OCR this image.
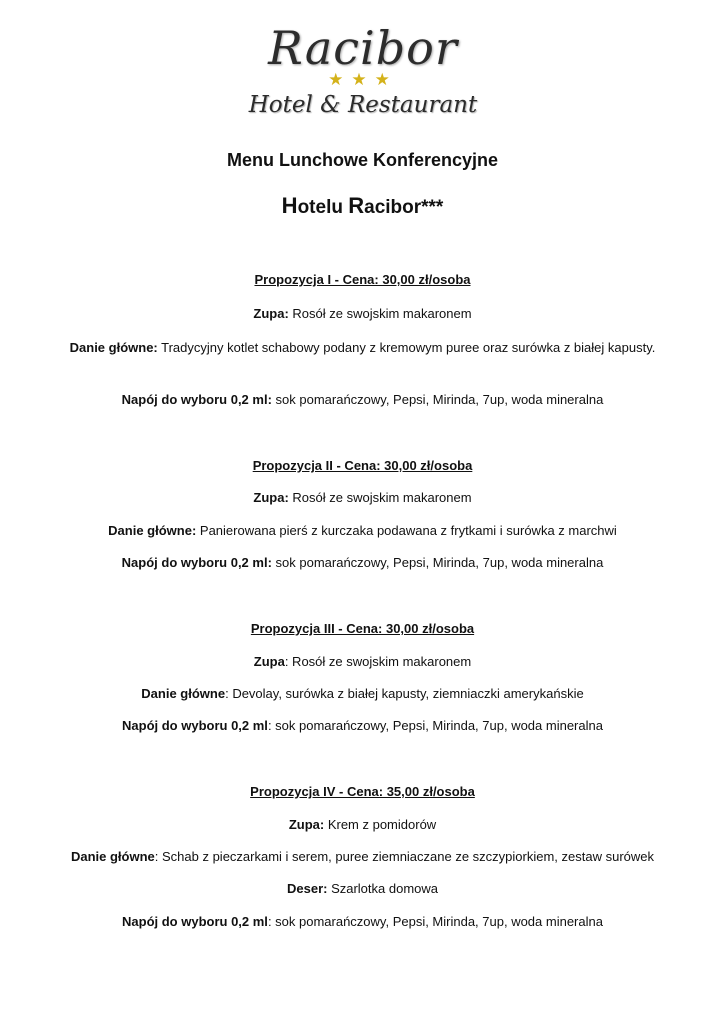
Racibor
★★★
Hotel & Restaurant
Menu Lunchowe Konferencyjne
Hotelu Racibor***
Propozycja I - Cena: 30,00 zł/osoba
Zupa: Rosół ze swojskim makaronem
Danie główne: Tradycyjny kotlet schabowy podany z kremowym puree oraz surówka z białej kapusty.
Napój do wyboru 0,2 ml: sok pomarańczowy, Pepsi, Mirinda, 7up, woda mineralna
Propozycja II - Cena: 30,00 zł/osoba
Zupa: Rosół ze swojskim makaronem
Danie główne: Panierowana pierś z kurczaka podawana z frytkami i surówka z marchwi
Napój do wyboru 0,2 ml: sok pomarańczowy, Pepsi, Mirinda, 7up, woda mineralna
Propozycja III - Cena: 30,00 zł/osoba
Zupa: Rosół ze swojskim makaronem
Danie główne: Devolay, surówka z białej kapusty, ziemniaczki amerykańskie
Napój do wyboru 0,2 ml: sok pomarańczowy, Pepsi, Mirinda, 7up, woda mineralna
Propozycja IV - Cena: 35,00 zł/osoba
Zupa: Krem z pomidorów
Danie główne: Schab z pieczarkami i serem, puree ziemniaczane ze szczypiorkiem, zestaw surówek
Deser: Szarlotka domowa
Napój do wyboru 0,2 ml: sok pomarańczowy, Pepsi, Mirinda, 7up, woda mineralna
